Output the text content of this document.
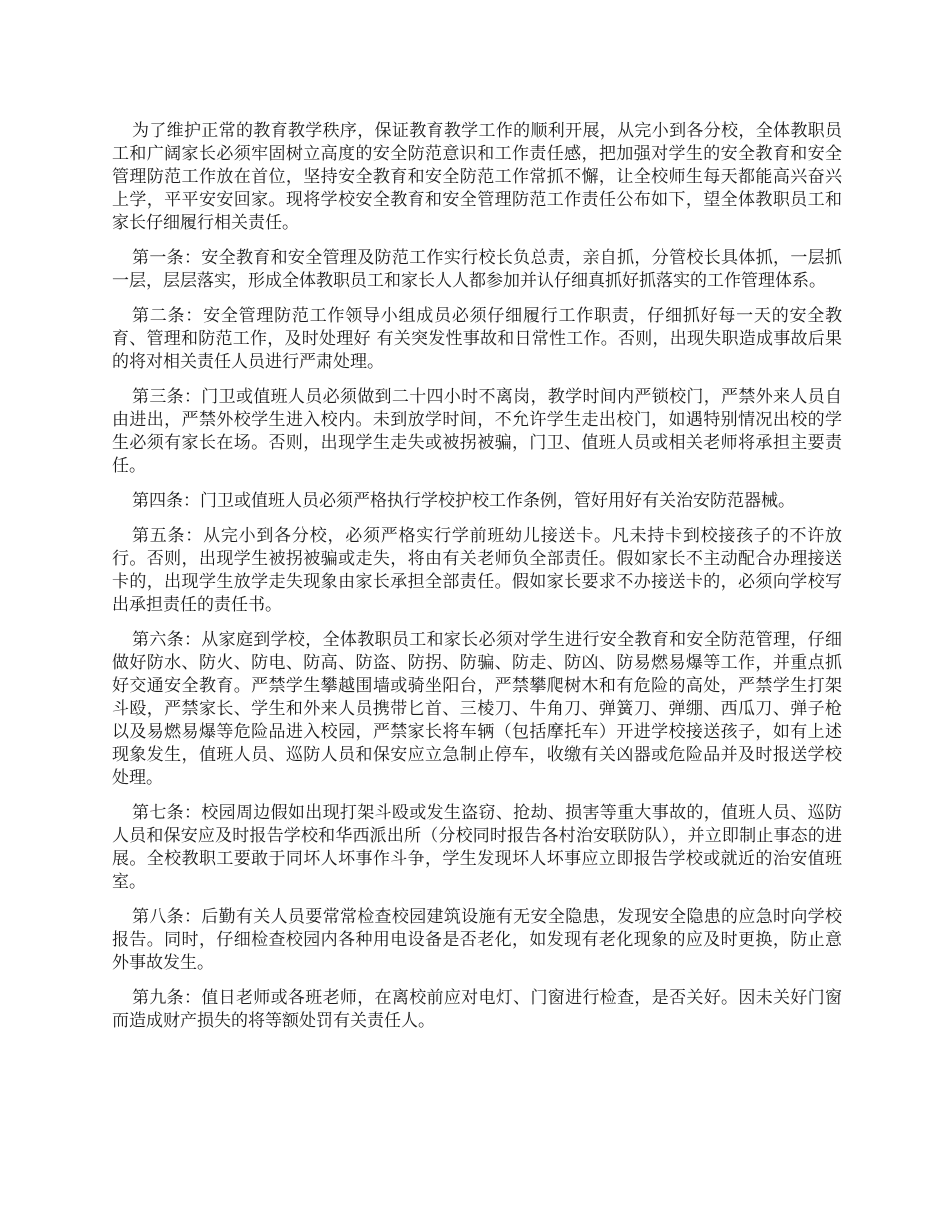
为了维护正常的教育教学秩序，保证教育教学工作的顺利开展，从完小到各分校，全体教职员工和广阔家长必须牢固树立高度的安全防范意识和工作责任感，把加强对学生的安全教育和安全管理防范工作放在首位，坚持安全教育和安全防范工作常抓不懈，让全校师生每天都能高兴奋兴上学，平平安安回家。现将学校安全教育和安全管理防范工作责任公布如下，望全体教职员工和家长仔细履行相关责任。

第一条：安全教育和安全管理及防范工作实行校长负总责，亲自抓，分管校长具体抓，一层抓一层，层层落实，形成全体教职员工和家长人人都参加并认仔细真抓好抓落实的工作管理体系。

第二条：安全管理防范工作领导小组成员必须仔细履行工作职责，仔细抓好每一天的安全教育、管理和防范工作，及时处理好 有关突发性事故和日常性工作。否则，出现失职造成事故后果的将对相关责任人员进行严肃处理。

第三条：门卫或值班人员必须做到二十四小时不离岗，教学时间内严锁校门，严禁外来人员自由进出，严禁外校学生进入校内。未到放学时间，不允许学生走出校门，如遇特别情况出校的学生必须有家长在场。否则，出现学生走失或被拐被骗，门卫、值班人员或相关老师将承担主要责任。

第四条：门卫或值班人员必须严格执行学校护校工作条例，管好用好有关治安防范器械。

第五条：从完小到各分校，必须严格实行学前班幼儿接送卡。凡未持卡到校接孩子的不许放行。否则，出现学生被拐被骗或走失，将由有关老师负全部责任。假如家长不主动配合办理接送卡的，出现学生放学走失现象由家长承担全部责任。假如家长要求不办接送卡的，必须向学校写出承担责任的责任书。

第六条：从家庭到学校，全体教职员工和家长必须对学生进行安全教育和安全防范管理，仔细做好防水、防火、防电、防高、防盗、防拐、防骗、防走、防凶、防易燃易爆等工作，并重点抓好交通安全教育。严禁学生攀越围墙或骑坐阳台，严禁攀爬树木和有危险的高处，严禁学生打架斗殴，严禁家长、学生和外来人员携带匕首、三棱刀、牛角刀、弹簧刀、弹绷、西瓜刀、弹子枪以及易燃易爆等危险品进入校园，严禁家长将车辆（包括摩托车）开进学校接送孩子，如有上述现象发生，值班人员、巡防人员和保安应立急制止停车，收缴有关凶器或危险品并及时报送学校处理。

第七条：校园周边假如出现打架斗殴或发生盗窃、抢劫、损害等重大事故的，值班人员、巡防人员和保安应及时报告学校和华西派出所（分校同时报告各村治安联防队），并立即制止事态的进展。全校教职工要敢于同坏人坏事作斗争，学生发现坏人坏事应立即报告学校或就近的治安值班室。

第八条：后勤有关人员要常常检查校园建筑设施有无安全隐患，发现安全隐患的应急时向学校报告。同时，仔细检查校园内各种用电设备是否老化，如发现有老化现象的应及时更换，防止意外事故发生。

第九条：值日老师或各班老师，在离校前应对电灯、门窗进行检查，是否关好。因未关好门窗而造成财产损失的将等额处罚有关责任人。
